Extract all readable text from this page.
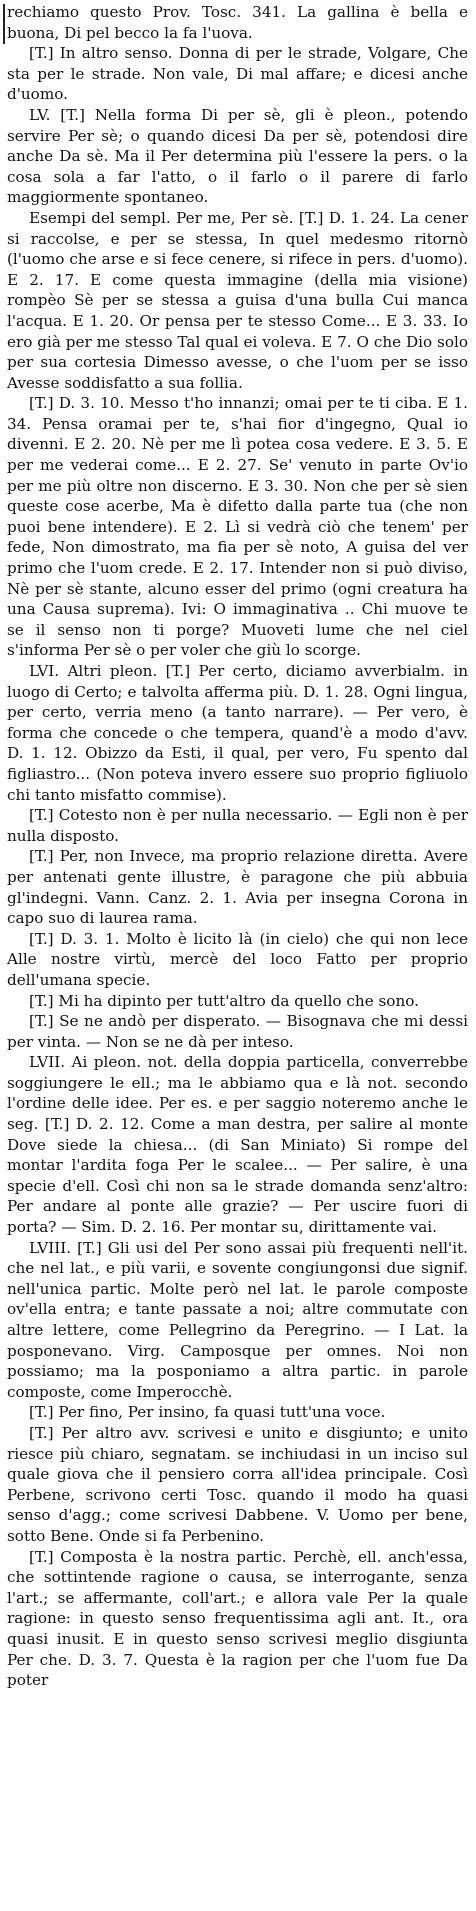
rechiamo questo Prov. Tosc. 341. La gallina è bella e buona, Di pel becco la fa l'uova.

[T.] In altro senso. Donna di per le strade, Volgare, Che sta per le strade. Non vale, Di mal affare; e dicesi anche d'uomo.

LV. [T.] Nella forma Di per sè, gli è pleon., potendo servire Per sè; o quando dicesi Da per sè, potendosi dire anche Da sè. Ma il Per determina più l'essere la pers. o la cosa sola a far l'atto, o il farlo o il parere di farlo maggiormente spontaneo.

Esempi del sempl. Per me, Per sè. [T.] D. 1. 24. La cener si raccolse, e per se stessa, In quel medesmo ritornò (l'uomo che arse e si fece cenere, si rifece in pers. d'uomo). E 2. 17. E come questa immagine (della mia visione) rompèo Sè per se stessa a guisa d'una bulla Cui manca l'acqua. E 1. 20. Or pensa per te stesso Come... E 3. 33. Io ero già per me stesso Tal qual ei voleva. E 7. O che Dio solo per sua cortesia Dimesso avesse, o che l'uom per se isso Avesse soddisfatto a sua follia.

[T.] D. 3. 10. Messo t'ho innanzi; omai per te ti ciba. E 1. 34. Pensa oramai per te, s'hai fior d'ingegno, Qual io divenni. E 2. 20. Nè per me lì potea cosa vedere. E 3. 5. E per me vederai come... E 2. 27. Se' venuto in parte Ov'io per me più oltre non discerno. E 3. 30. Non che per sè sien queste cose acerbe, Ma è difetto dalla parte tua (che non puoi bene intendere). E 2. Lì si vedrà ciò che tenem' per fede, Non dimostrato, ma fia per sè noto, A guisa del ver primo che l'uom crede. E 2. 17. Intender non si può diviso, Nè per sè stante, alcuno esser del primo (ogni creatura ha una Causa suprema). Ivi: O immaginativa .. Chi muove te se il senso non ti porge? Muoveti lume che nel ciel s'informa Per sè o per voler che giù lo scorge.

LVI. Altri pleon. [T.] Per certo, diciamo avverbialm. in luogo di Certo; e talvolta afferma più. D. 1. 28. Ogni lingua, per certo, verria meno (a tanto narrare). — Per vero, è forma che concede o che tempera, quand'è a modo d'avv. D. 1. 12. Obizzo da Esti, il qual, per vero, Fu spento dal figliastro... (Non poteva invero essere suo proprio figliuolo chi tanto misfatto commise).

[T.] Cotesto non è per nulla necessario. — Egli non è per nulla disposto.

[T.] Per, non Invece, ma proprio relazione diretta. Avere per antenati gente illustre, è paragone che più abbuia gl'indegni. Vann. Canz. 2. 1. Avia per insegna Corona in capo suo di laurea rama.

[T.] D. 3. 1. Molto è licito là (in cielo) che qui non lece Alle nostre virtù, mercè del loco Fatto per proprio dell'umana specie.

[T.] Mi ha dipinto per tutt'altro da quello che sono.

[T.] Se ne andò per disperato. — Bisognava che mi dessi per vinta. — Non se ne dà per inteso.

LVII. Ai pleon. not. della doppia particella, converrebbe soggiungere le ell.; ma le abbiamo qua e là not. secondo l'ordine delle idee. Per es. e per saggio noteremo anche le seg. [T.] D. 2. 12. Come a man destra, per salire al monte Dove siede la chiesa... (di San Miniato) Si rompe del montar l'ardita foga Per le scalee... — Per salire, è una specie d'ell. Così chi non sa le strade domanda senz'altro: Per andare al ponte alle grazie? — Per uscire fuori di porta? — Sim. D. 2. 16. Per montar su, dirittamente vai.

LVIII. [T.] Gli usi del Per sono assai più frequenti nell'it. che nel lat., e più varii, e sovente congiungonsi due signif. nell'unica partic. Molte però nel lat. le parole composte ov'ella entra; e tante passate a noi; altre commutate con altre lettere, come Pellegrino da Peregrino. — I Lat. la posponevano. Virg. Camposque per omnes. Noi non possiamo; ma la posponiamo a altra partic. in parole composte, come Imperocchè.

[T.] Per fino, Per insino, fa quasi tutt'una voce.

[T.] Per altro avv. scrivesi e unito e disgiunto; e unito riesce più chiaro, segnatam. se inchiudasi in un inciso sul quale giova che il pensiero corra all'idea principale. Così Perbene, scrivono certi Tosc. quando il modo ha quasi senso d'agg.; come scrivesi Dabbene. V. Uomo per bene, sotto Bene. Onde si fa Perbenino.

[T.] Composta è la nostra partic. Perchè, ell. anch'essa, che sottintende ragione o causa, se interrogante, senza l'art.; se affermante, coll'art.; e allora vale Per la quale ragione: in questo senso frequentissima agli ant. It., ora quasi inusit. E in questo senso scrivesi meglio disgiunta Per che. D. 3. 7. Questa è la ragion per che l'uom fue Da poter
